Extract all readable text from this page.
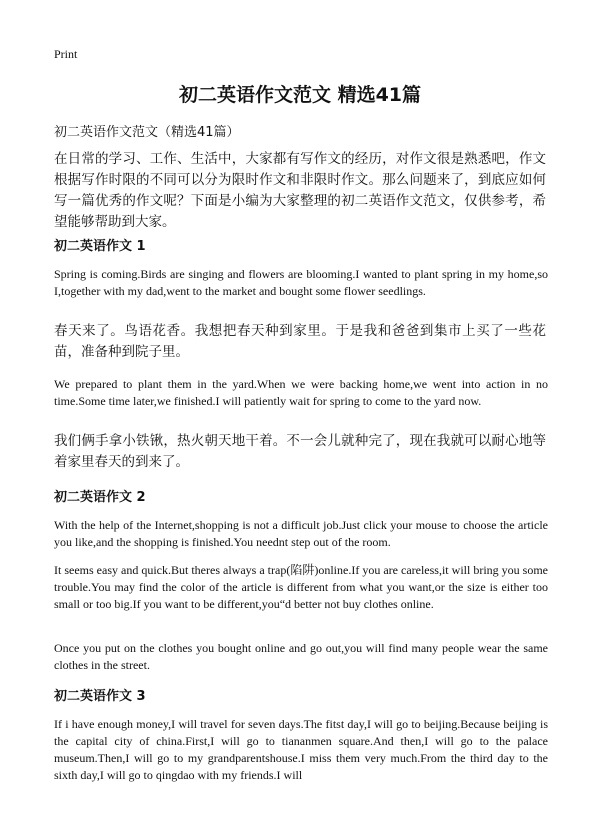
Print
初二英语作文范文 精选41篇
初二英语作文范文（精选41篇）
在日常的学习、工作、生活中，大家都有写作文的经历，对作文很是熟悉吧，作文根据写作时限的不同可以分为限时作文和非限时作文。那么问题来了，到底应如何写一篇优秀的作文呢？下面是小编为大家整理的初二英语作文范文，仅供参考，希望能够帮助到大家。
初二英语作文 1
Spring is coming.Birds are singing and flowers are blooming.I wanted to plant spring in my home,so I,together with my dad,went to the market and bought some flower seedlings.
春天来了。鸟语花香。我想把春天种到家里。于是我和爸爸到集市上买了一些花苗，准备种到院子里。
We prepared to plant them in the yard.When we were backing home,we went into action in no time.Some time later,we finished.I will patiently wait for spring to come to the yard now.
我们俩手拿小铁锹，热火朝天地干着。不一会儿就种完了，现在我就可以耐心地等着家里春天的到来了。
初二英语作文 2
With the help of the Internet,shopping is not a difficult job.Just click your mouse to choose the article you like,and the shopping is finished.You neednt step out of the room.
It seems easy and quick.But theres always a trap(陷阱)online.If you are careless,it will bring you some trouble.You may find the color of the article is different from what you want,or the size is either too small or too big.If you want to be different,you“d better not buy clothes online.
Once you put on the clothes you bought online and go out,you will find many people wear the same clothes in the street.
初二英语作文 3
If i have enough money,I will travel for seven days.The fitst day,I will go to beijing.Because beijing is the capital city of china.First,I will go to tiananmen square.And then,I will go to the palace museum.Then,I will go to my grandparentshouse.I miss them very much.From the third day to the sixth day,I will go to qingdao with my friends.I will
